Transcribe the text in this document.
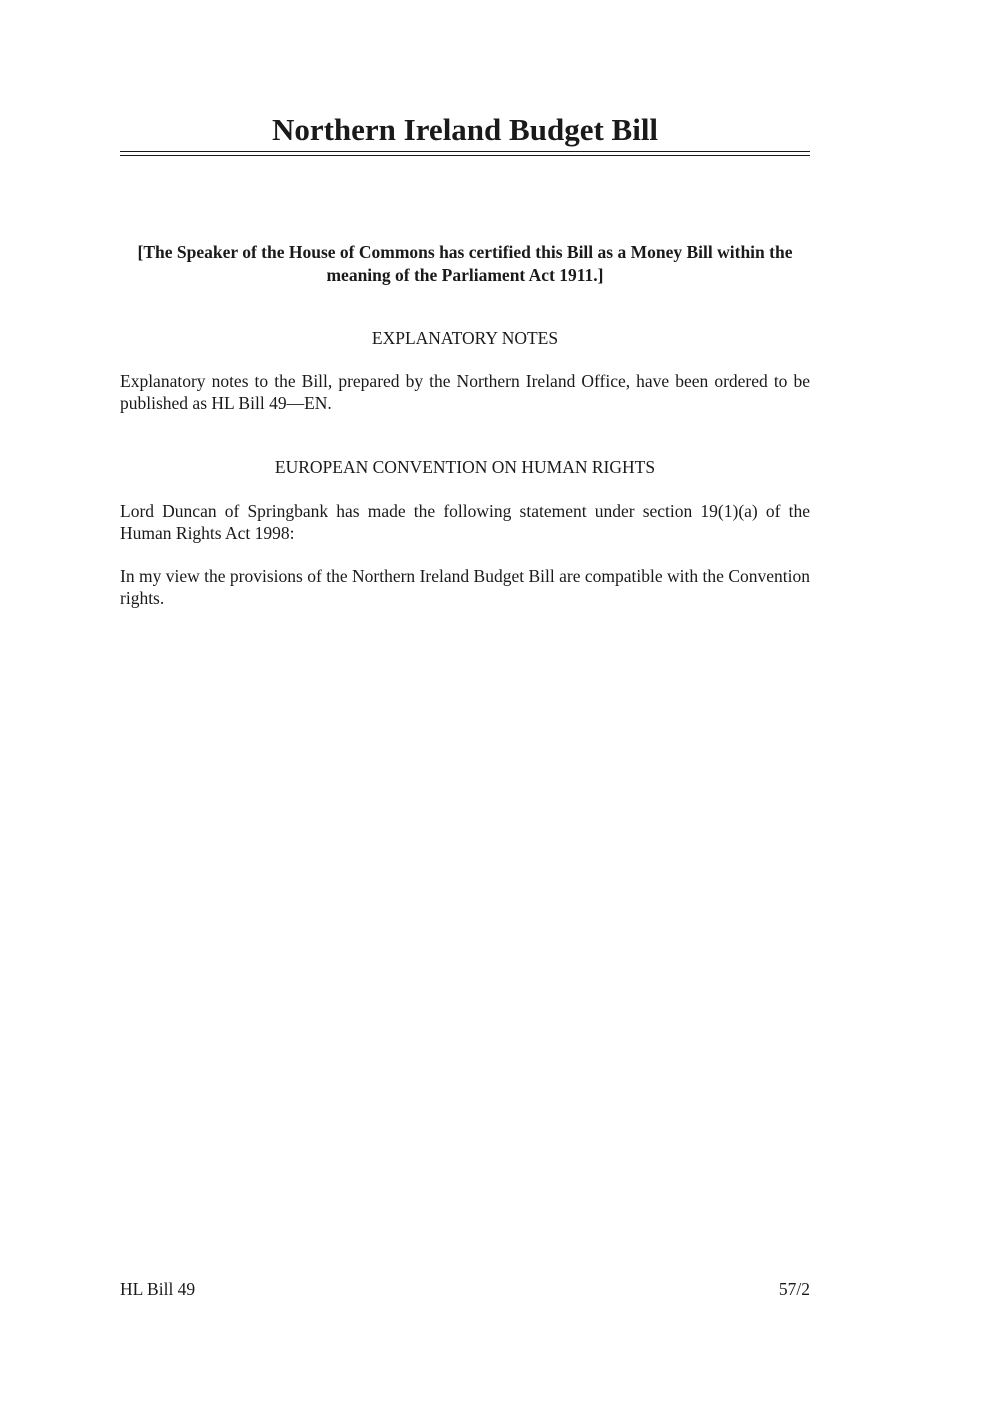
Northern Ireland Budget Bill

[The Speaker of the House of Commons has certified this Bill as a Money Bill within the meaning of the Parliament Act 1911.]

EXPLANATORY NOTES

Explanatory notes to the Bill, prepared by the Northern Ireland Office, have been ordered to be published as HL Bill 49—EN.

EUROPEAN CONVENTION ON HUMAN RIGHTS

Lord Duncan of Springbank has made the following statement under section 19(1)(a) of the Human Rights Act 1998:

In my view the provisions of the Northern Ireland Budget Bill are compatible with the Convention rights.

HL Bill 49	57/2
